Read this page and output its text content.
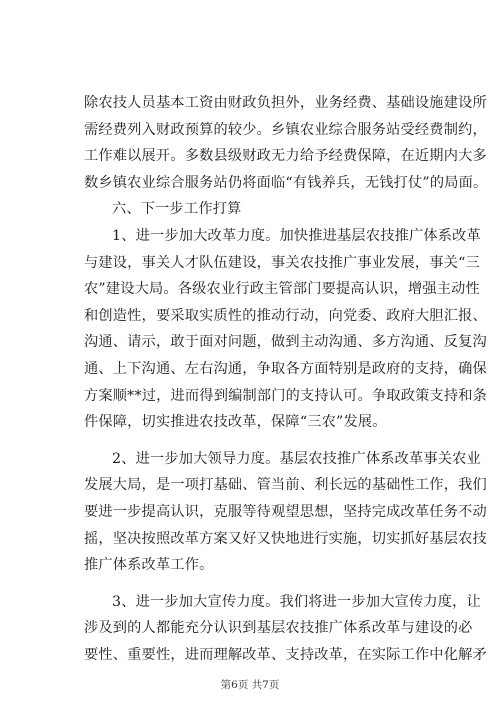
除农技人员基本工资由财政负担外，业务经费、基础设施建设所
需经费列入财政预算的较少。乡镇农业综合服务站受经费制约，
工作难以展开。多数县级财政无力给予经费保障，在近期内大多
数乡镇农业综合服务站仍将面临“有钱养兵，无钱打仗”的局面。
六、下一步工作打算
1、进一步加大改革力度。加快推进基层农技推广体系改革
与建设，事关人才队伍建设，事关农技推广事业发展，事关“三
农”建设大局。各级农业行政主管部门要提高认识，增强主动性
和创造性，要采取实质性的推动行动，向党委、政府大胆汇报、
沟通、请示，敢于面对问题，做到主动沟通、多方沟通、反复沟
通、上下沟通、左右沟通，争取各方面特别是政府的支持，确保
方案顺**过，进而得到编制部门的支持认可。争取政策支持和条
件保障，切实推进农技改革，保障“三农”发展。
2、进一步加大领导力度。基层农技推广体系改革事关农业
发展大局，是一项打基础、管当前、利长远的基础性工作，我们
要进一步提高认识，克服等待观望思想，坚持完成改革任务不动
摇，坚决按照改革方案又好又快地进行实施，切实抓好基层农技
推广体系改革工作。
3、进一步加大宣传力度。我们将进一步加大宣传力度，让
涉及到的人都能充分认识到基层农技推广体系改革与建设的必
要性、重要性，进而理解改革、支持改革，在实际工作中化解矛
第6页 共7页
